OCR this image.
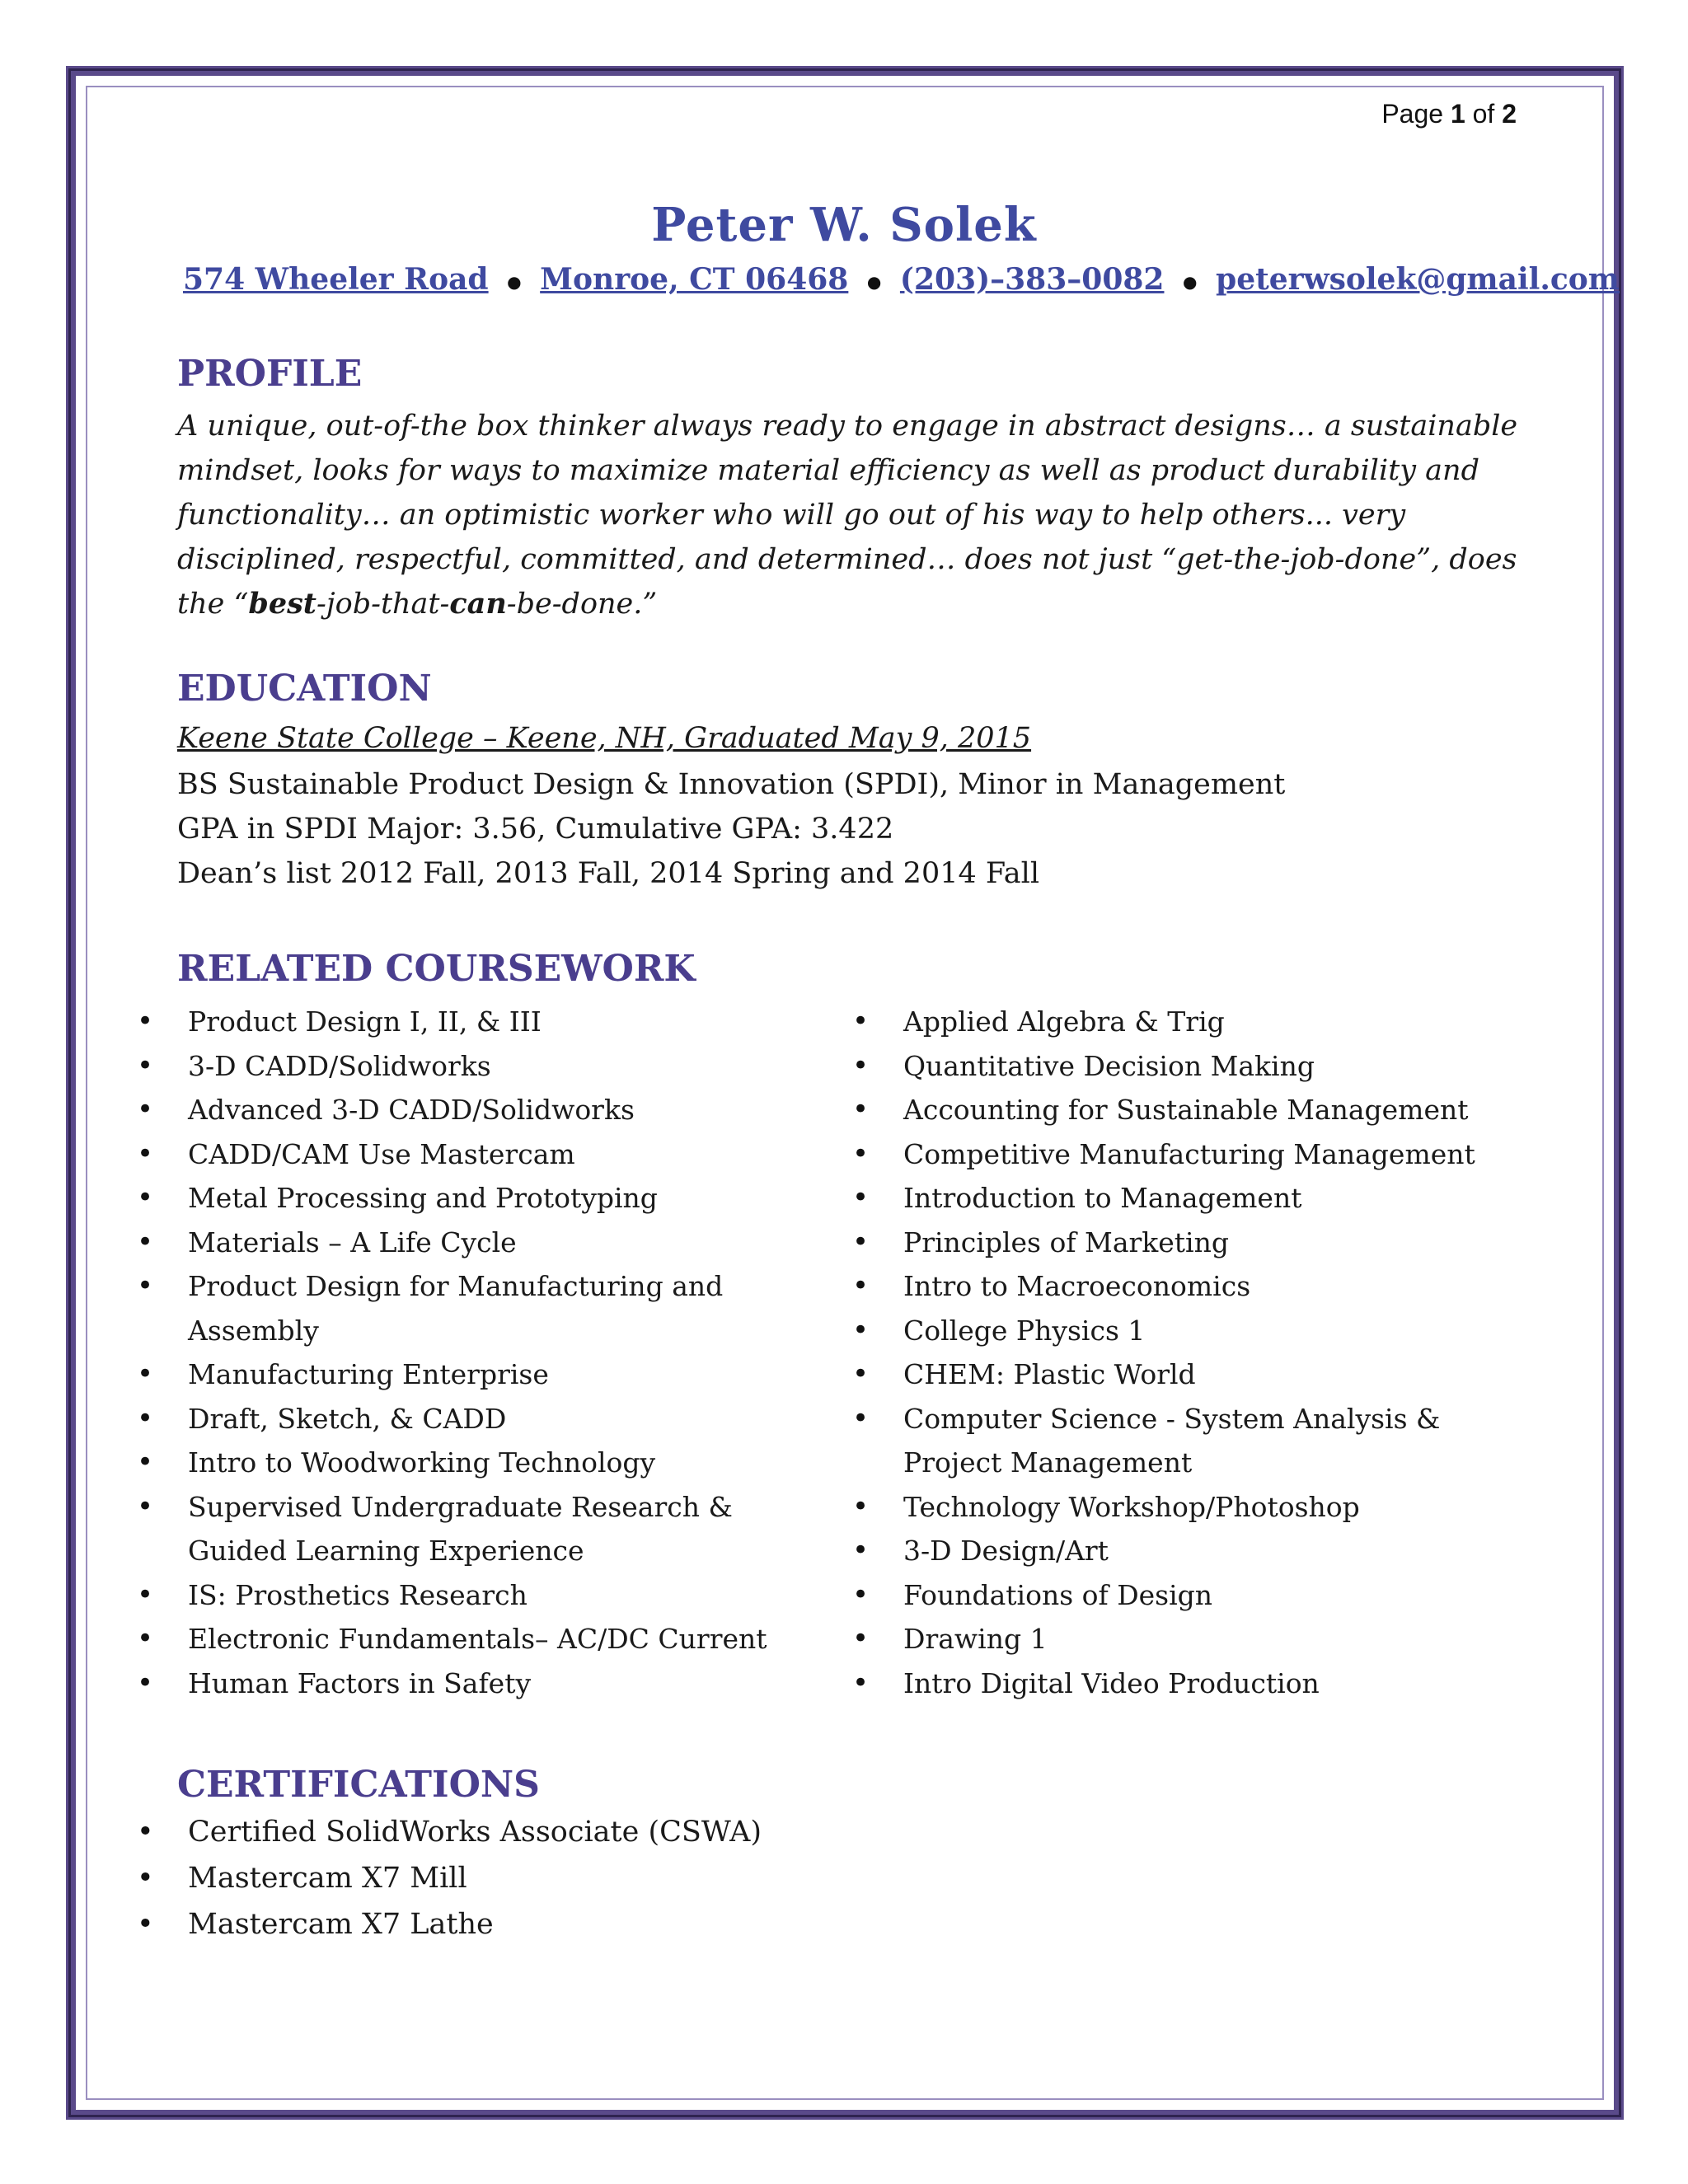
Page 1 of 2
Peter W. Solek
574 Wheeler Road ● Monroe, CT 06468 ● (203)–383–0082 ● peterwsolek@gmail.com
PROFILE
A unique, out-of-the box thinker always ready to engage in abstract designs… a sustainable mindset, looks for ways to maximize material efficiency as well as product durability and functionality… an optimistic worker who will go out of his way to help others... very disciplined, respectful, committed, and determined… does not just “get-the-job-done”, does the “best-job-that-can-be-done.”
EDUCATION
Keene State College – Keene, NH, Graduated May 9, 2015
BS Sustainable Product Design & Innovation (SPDI), Minor in Management
GPA in SPDI Major: 3.56, Cumulative GPA: 3.422
Dean’s list 2012 Fall, 2013 Fall, 2014 Spring and 2014 Fall
RELATED COURSEWORK
• Product Design I, II, & III
• 3-D CADD/Solidworks
• Advanced 3-D CADD/Solidworks
• CADD/CAM Use Mastercam
• Metal Processing and Prototyping
• Materials – A Life Cycle
• Product Design for Manufacturing and Assembly
• Manufacturing Enterprise
• Draft, Sketch, & CADD
• Intro to Woodworking Technology
• Supervised Undergraduate Research & Guided Learning Experience
• IS: Prosthetics Research
• Electronic Fundamentals– AC/DC Current
• Human Factors in Safety
• Applied Algebra & Trig
• Quantitative Decision Making
• Accounting for Sustainable Management
• Competitive Manufacturing Management
• Introduction to Management
• Principles of Marketing
• Intro to Macroeconomics
• College Physics 1
• CHEM: Plastic World
• Computer Science - System Analysis & Project Management
• Technology Workshop/Photoshop
• 3-D Design/Art
• Foundations of Design
• Drawing 1
• Intro Digital Video Production
CERTIFICATIONS
• Certified SolidWorks Associate (CSWA)
• Mastercam X7 Mill
• Mastercam X7 Lathe
